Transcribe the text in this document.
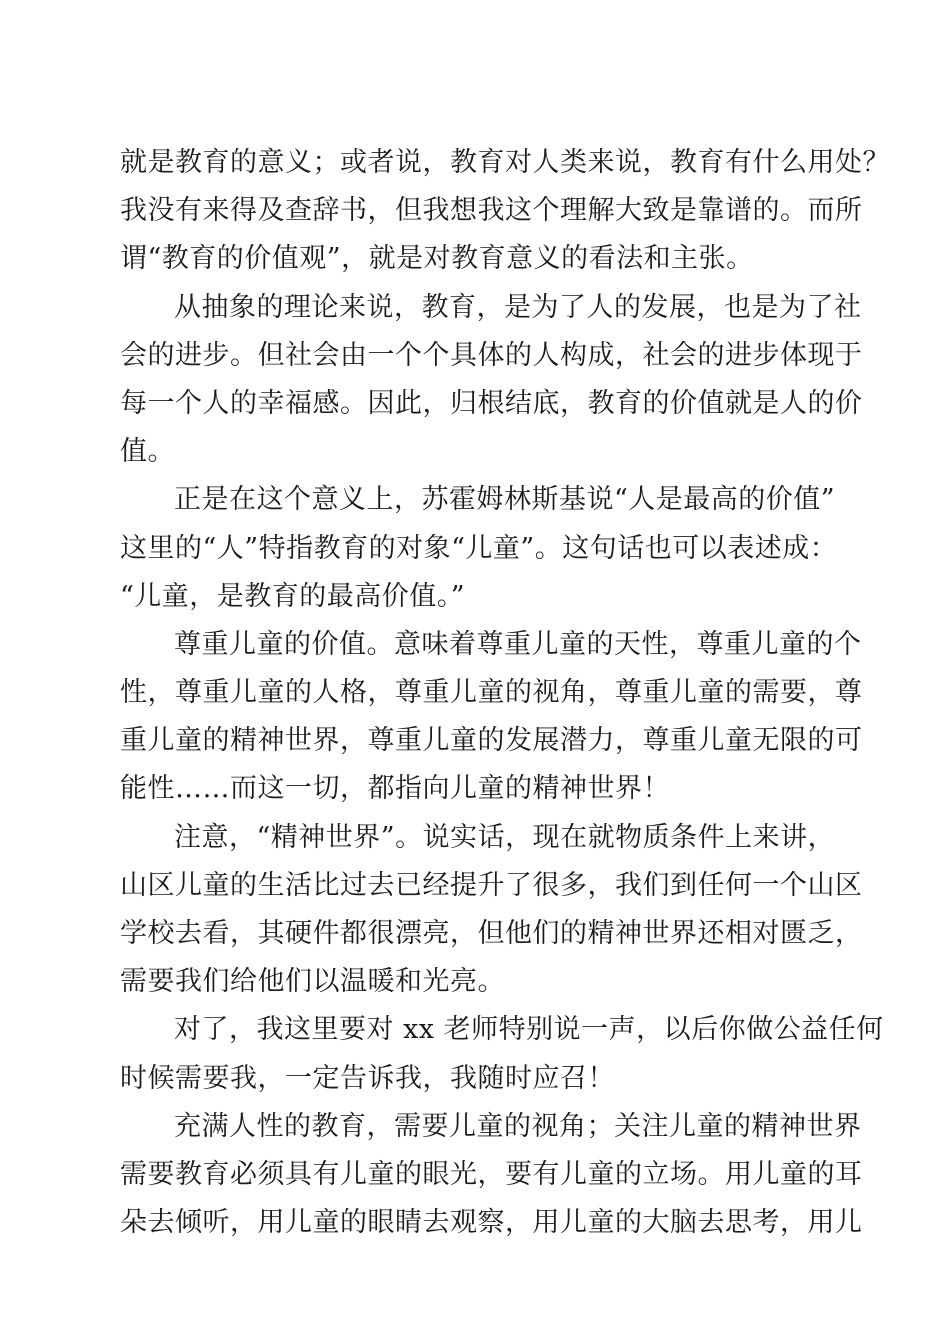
就是教育的意义；或者说，教育对人类来说，教育有什么用处？
我没有来得及查辞书，但我想我这个理解大致是靠谱的。而所
谓“教育的价值观”，就是对教育意义的看法和主张。
从抽象的理论来说，教育，是为了人的发展，也是为了社
会的进步。但社会由一个个具体的人构成，社会的进步体现于
每一个人的幸福感。因此，归根结底，教育的价值就是人的价
值。
正是在这个意义上，苏霍姆林斯基说“人是最高的价值”
这里的“人”特指教育的对象“儿童”。这句话也可以表述成：
“儿童，是教育的最高价值。”
尊重儿童的价值。意味着尊重儿童的天性，尊重儿童的个
性，尊重儿童的人格，尊重儿童的视角，尊重儿童的需要，尊
重儿童的精神世界，尊重儿童的发展潜力，尊重儿童无限的可
能性……而这一切，都指向儿童的精神世界！
注意，“精神世界”。说实话，现在就物质条件上来讲，
山区儿童的生活比过去已经提升了很多，我们到任何一个山区
学校去看，其硬件都很漂亮，但他们的精神世界还相对匮乏，
需要我们给他们以温暖和光亮。
对了，我这里要对 xx 老师特别说一声，以后你做公益任何
时候需要我，一定告诉我，我随时应召！
充满人性的教育，需要儿童的视角；关注儿童的精神世界
需要教育必须具有儿童的眼光，要有儿童的立场。用儿童的耳
朵去倾听，用儿童的眼睛去观察，用儿童的大脑去思考，用儿
